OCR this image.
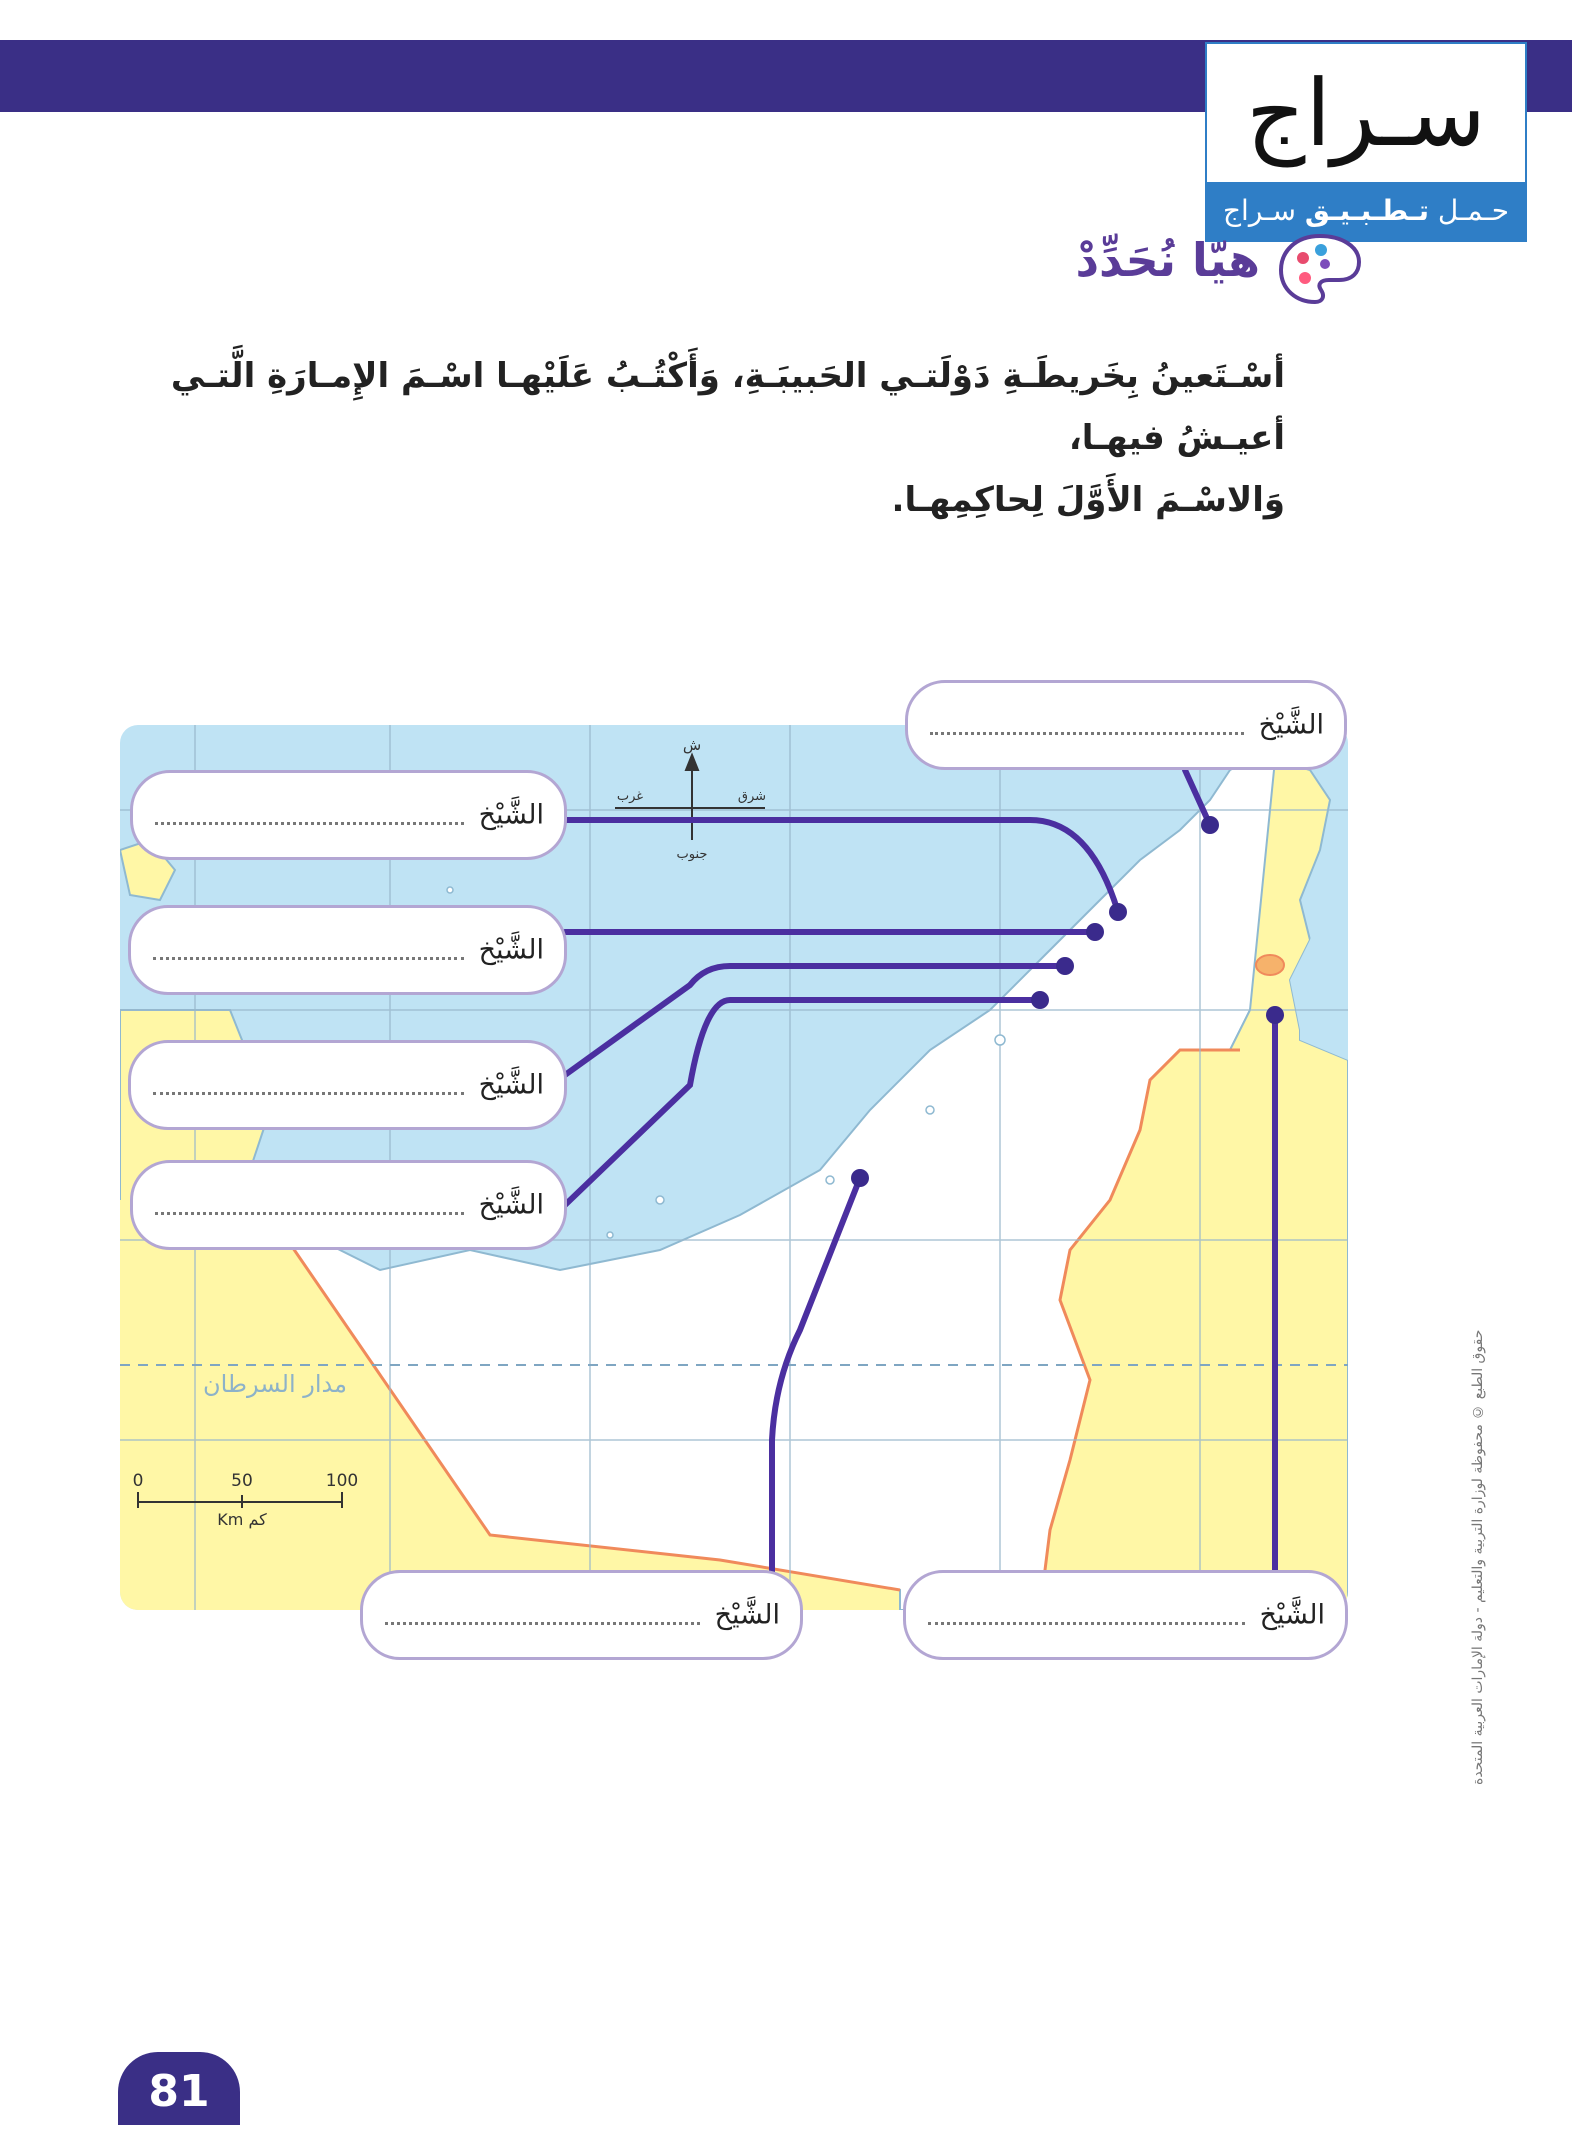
سـراج
حـمـل تـطـبـيـق سـراج
هيّا نُحَدِّدْ
أسْـتَعينُ بِخَريطَـةِ دَوْلَتـي الحَبيبَـةِ، وَأَكْتُـبُ عَلَيْهـا اسْـمَ الإِمـارَةِ الَّتـي أعيـشُ فيهـا،
وَالاسْـمَ الأَوَّلَ لِحاكِمِهـا.
ش
جنوب
شرق
غرب
مدار السرطان
0	50	100
Km كم
الشَّيْخ
الشَّيْخ
الشَّيْخ
الشَّيْخ
الشَّيْخ
الشَّيْخ	الشَّيْخ	حقوق الطبع © محفوظة لوزارة التربية والتعليم - دولة الإمارات العربية المتحدة
81
